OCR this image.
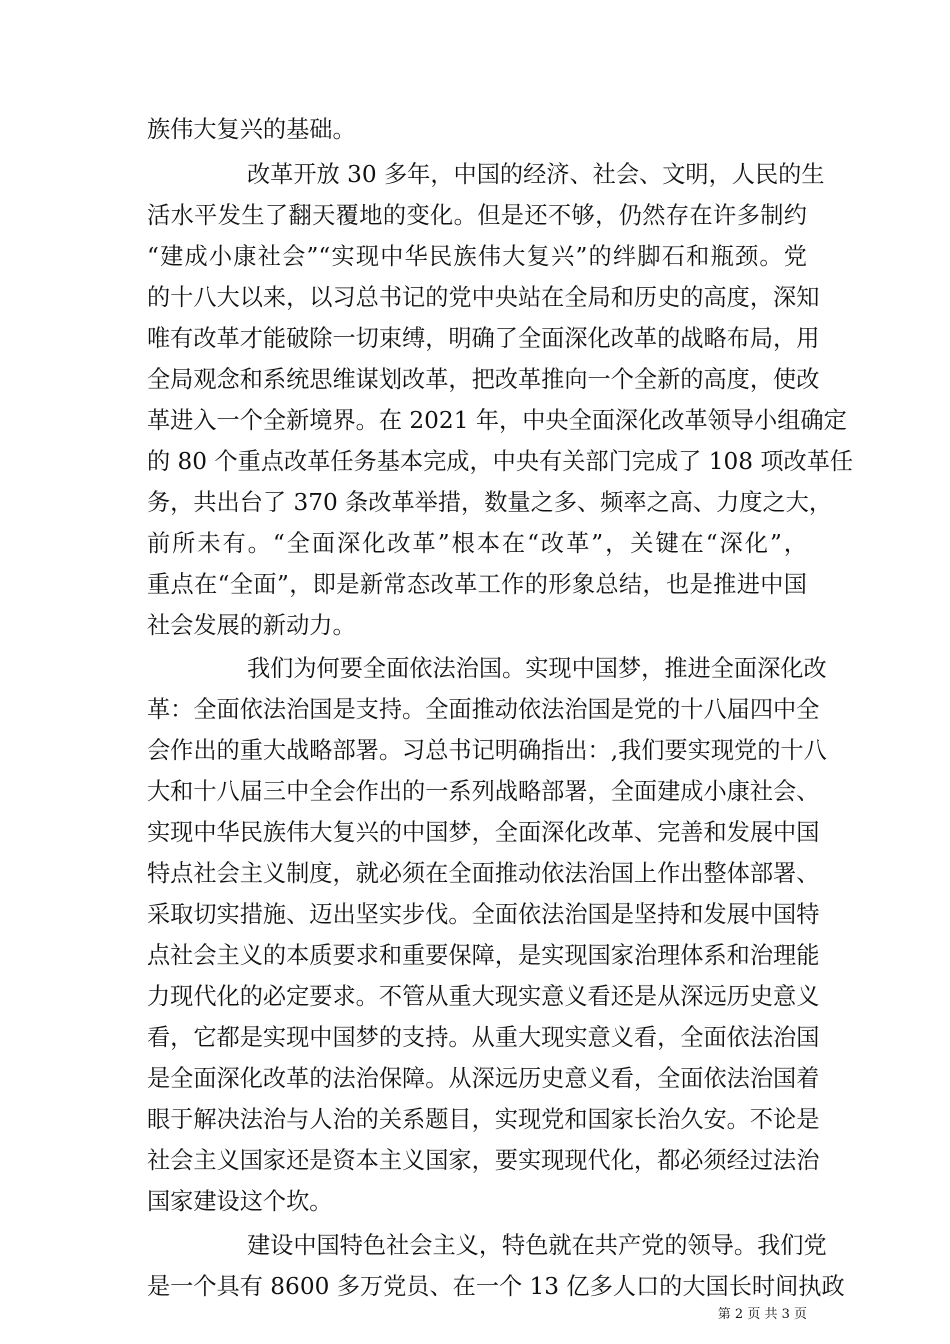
族伟大复兴的基础。
改革开放 30 多年，中国的经济、社会、文明，人民的生
活水平发生了翻天覆地的变化。但是还不够，仍然存在许多制约
“建成小康社会”“实现中华民族伟大复兴”的绊脚石和瓶颈。党
的十八大以来，以习总书记的党中央站在全局和历史的高度，深知
唯有改革才能破除一切束缚，明确了全面深化改革的战略布局，用
全局观念和系统思维谋划改革，把改革推向一个全新的高度，使改
革进入一个全新境界。在 2021 年，中央全面深化改革领导小组确定
的 80 个重点改革任务基本完成，中央有关部门完成了 108 项改革任
务，共出台了 370 条改革举措，数量之多、频率之高、力度之大，
前所未有。“全面深化改革”根本在“改革”，关键在“深化”，
重点在“全面”，即是新常态改革工作的形象总结，也是推进中国
社会发展的新动力。
我们为何要全面依法治国。实现中国梦，推进全面深化改
革：全面依法治国是支持。全面推动依法治国是党的十八届四中全
会作出的重大战略部署。习总书记明确指出：,我们要实现党的十八
大和十八届三中全会作出的一系列战略部署，全面建成小康社会、
实现中华民族伟大复兴的中国梦，全面深化改革、完善和发展中国
特点社会主义制度，就必须在全面推动依法治国上作出整体部署、
采取切实措施、迈出坚实步伐。全面依法治国是坚持和发展中国特
点社会主义的本质要求和重要保障，是实现国家治理体系和治理能
力现代化的必定要求。不管从重大现实意义看还是从深远历史意义
看，它都是实现中国梦的支持。从重大现实意义看，全面依法治国
是全面深化改革的法治保障。从深远历史意义看，全面依法治国着
眼于解决法治与人治的关系题目，实现党和国家长治久安。不论是
社会主义国家还是资本主义国家，要实现现代化，都必须经过法治
国家建设这个坎。
建设中国特色社会主义，特色就在共产党的领导。我们党
是一个具有 8600 多万党员、在一个 13 亿多人口的大国长时间执政
第 2 页 共 3 页
